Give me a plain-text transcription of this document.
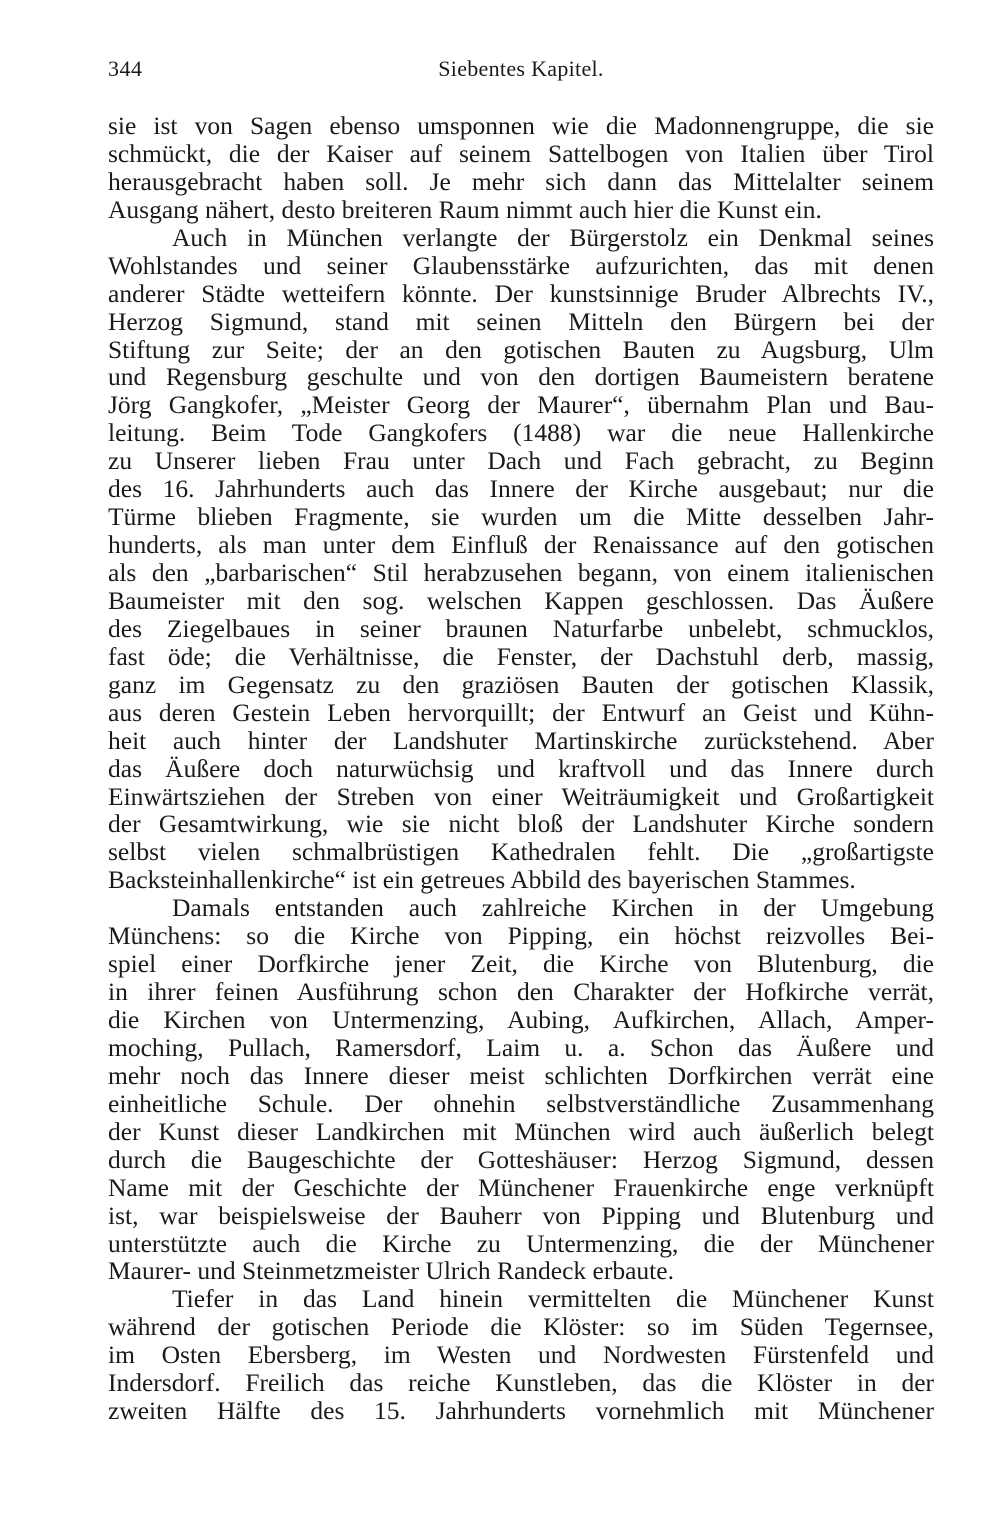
344	Siebentes Kapitel.
sie ist von Sagen ebenso umsponnen wie die Madonnengruppe, die sie
schmückt, die der Kaiser auf seinem Sattelbogen von Italien über Tirol
herausgebracht haben soll. Je mehr sich dann das Mittelalter seinem
Ausgang nähert, desto breiteren Raum nimmt auch hier die Kunst ein.
Auch in München verlangte der Bürgerstolz ein Denkmal seines
Wohlstandes und seiner Glaubensstärke aufzurichten, das mit denen
anderer Städte wetteifern könnte. Der kunstsinnige Bruder Albrechts IV.,
Herzog Sigmund, stand mit seinen Mitteln den Bürgern bei der
Stiftung zur Seite; der an den gotischen Bauten zu Augsburg, Ulm
und Regensburg geschulte und von den dortigen Baumeistern beratene
Jörg Gangkofer, „Meister Georg der Maurer“, übernahm Plan und Bau-
leitung. Beim Tode Gangkofers (1488) war die neue Hallenkirche
zu Unserer lieben Frau unter Dach und Fach gebracht, zu Beginn
des 16. Jahrhunderts auch das Innere der Kirche ausgebaut; nur die
Türme blieben Fragmente, sie wurden um die Mitte desselben Jahr-
hunderts, als man unter dem Einfluß der Renaissance auf den gotischen
als den „barbarischen“ Stil herabzusehen begann, von einem italienischen
Baumeister mit den sog. welschen Kappen geschlossen. Das Äußere
des Ziegelbaues in seiner braunen Naturfarbe unbelebt, schmucklos,
fast öde; die Verhältnisse, die Fenster, der Dachstuhl derb, massig,
ganz im Gegensatz zu den graziösen Bauten der gotischen Klassik,
aus deren Gestein Leben hervorquillt; der Entwurf an Geist und Kühn-
heit auch hinter der Landshuter Martinskirche zurückstehend. Aber
das Äußere doch naturwüchsig und kraftvoll und das Innere durch
Einwärtsziehen der Streben von einer Weiträumigkeit und Großartigkeit
der Gesamtwirkung, wie sie nicht bloß der Landshuter Kirche sondern
selbst vielen schmalbrüstigen Kathedralen fehlt. Die „großartigste
Backsteinhallenkirche“ ist ein getreues Abbild des bayerischen Stammes.
Damals entstanden auch zahlreiche Kirchen in der Umgebung
Münchens: so die Kirche von Pipping, ein höchst reizvolles Bei-
spiel einer Dorfkirche jener Zeit, die Kirche von Blutenburg, die
in ihrer feinen Ausführung schon den Charakter der Hofkirche verrät,
die Kirchen von Untermenzing, Aubing, Aufkirchen, Allach, Amper-
moching, Pullach, Ramersdorf, Laim u. a. Schon das Äußere und
mehr noch das Innere dieser meist schlichten Dorfkirchen verrät eine
einheitliche Schule. Der ohnehin selbstverständliche Zusammenhang
der Kunst dieser Landkirchen mit München wird auch äußerlich belegt
durch die Baugeschichte der Gotteshäuser: Herzog Sigmund, dessen
Name mit der Geschichte der Münchener Frauenkirche enge verknüpft
ist, war beispielsweise der Bauherr von Pipping und Blutenburg und
unterstützte auch die Kirche zu Untermenzing, die der Münchener
Maurer- und Steinmetzmeister Ulrich Randeck erbaute.
Tiefer in das Land hinein vermittelten die Münchener Kunst
während der gotischen Periode die Klöster: so im Süden Tegernsee,
im Osten Ebersberg, im Westen und Nordwesten Fürstenfeld und
Indersdorf. Freilich das reiche Kunstleben, das die Klöster in der
zweiten Hälfte des 15. Jahrhunderts vornehmlich mit Münchener
